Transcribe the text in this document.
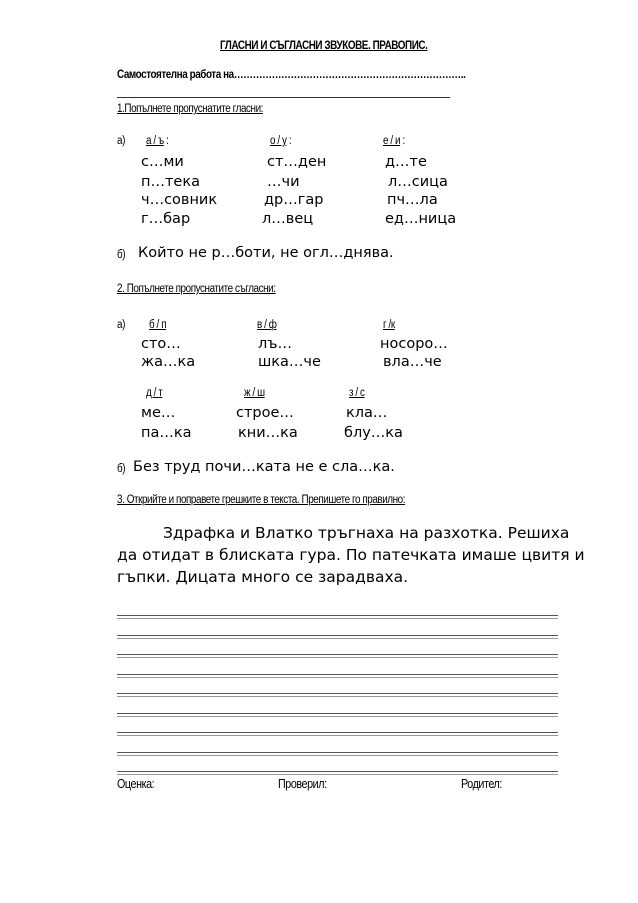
ГЛАСНИ И СЪГЛАСНИ ЗВУКОВЕ. ПРАВОПИС.
Самостоятелна работа на………………………………………………………………..
1.Попълнете пропуснатите гласни:
а) а / ъ :
с…ми
п…тека
ч…совник
г…бар
о / у :
ст…ден
…чи
др…гар
л…вец
е / и :
д…те
л…сица
пч…ла
ед…ница
б) Който не р…боти, не огл…днява.
2. Попълнете пропуснатите съгласни:
а) б / п
сто…
жа…ка
в / ф
лъ…
шка…че
г /к
носоро…
вла…че
д / т
ме…
па…ка
ж / ш
строе…
кни…ка
з / с
кла…
блу…ка
б) Без труд почи…ката не е сла…ка.
3. Открийте и поправете грешките в текста. Препишете го правилно:
Здрафка и Влатко тръгнаха на разхотка. Решиха
да отидат в блиската гура. По патечката имаше цвитя и
гъпки. Дицата много се зарадваха.
Оценка:	Проверил:	Родител:
